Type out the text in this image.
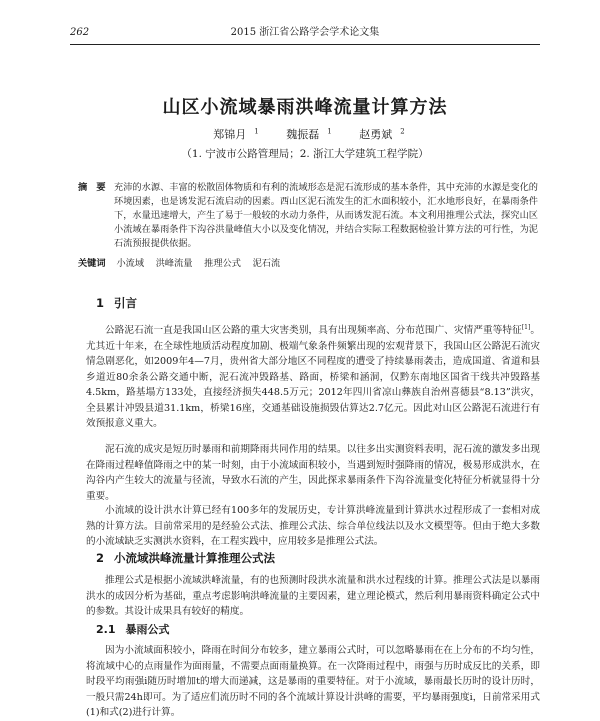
262	2015 浙江省公路学会学术论文集
山区小流域暴雨洪峰流量计算方法
郑锦月 $^1$	魏振磊 $^1$	赵勇斌 $^2$
（1. 宁波市公路管理局；2. 浙江大学建筑工程学院）
摘　要 充沛的水源、丰富的松散固体物质和有利的流域形态是泥石流形成的基本条件，其中充沛的水源是变化的环境因素，也是诱发泥石流启动的因素。西山区泥石流发生的汇水面积较小，汇水地形良好，在暴雨条件下，水量迅速增大，产生了易于一般较的水动力条件，从而诱发泥石流。本文利用推理公式法，探究山区小流域在暴雨条件下沟谷洪量峰值大小以及变化情况，并结合实际工程数据检验计算方法的可行性，为泥石流预报提供依据。
关键词 小流域 洪峰流量 推理公式 泥石流
1 引言
公路泥石流一直是我国山区公路的重大灾害类别，具有出现频率高、分布范围广、灾情严重等特征[1]。尤其近十年来，在全球性地质活动程度加剧、极端气象条件频繁出现的宏观背景下，我国山区公路泥石流灾情急剧恶化，如2009年4—7月，贵州省大部分地区不同程度的遭受了持续暴雨袭击，造成国道、省道和县乡道近80余条公路交通中断，泥石流冲毁路基、路面，桥梁和涵洞，仅黔东南地区国省干线共冲毁路基4.5km，路基塌方133处，直接经济损失448.5万元；2012年四川省凉山彝族自治州喜德县“8.13”洪灾，全县累计冲毁县道31.1km，桥梁16座，交通基础设施损毁估算达2.7亿元。因此对山区公路泥石流进行有效预报意义重大。
泥石流的成灾是短历时暴雨和前期降雨共同作用的结果。以往多出实测资料表明，泥石流的激发多出现在降雨过程峰值降雨之中的某一时刻，由于小流域面积较小，当遇到短时强降雨的情况，极易形成洪水，在沟谷内产生较大的流量与径流，导致水石流的产生，因此探求暴雨条件下沟谷流量变化特征分析就显得十分重要。
小流域的设计洪水计算已经有100多年的发展历史，专计算洪峰流量到计算洪水过程形成了一套相对成熟的计算方法。目前常采用的是经验公式法、推理公式法、综合单位线法以及水文模型等。但由于绝大多数的小流域缺乏实测洪水资料，在工程实践中，应用较多是推理公式法。
2 小流域洪峰流量计算推理公式法
推理公式是根据小流域洪峰流量，有的也预测时段洪水流量和洪水过程线的计算。推理公式法是以暴雨洪水的成因分析为基础，重点考虑影响洪峰流量的主要因素，建立理论模式，然后利用暴雨资料确定公式中的参数。其设计成果具有较好的精度。
2.1 暴雨公式
因为小流域面积较小，降雨在时间分布较多，建立暴雨公式时，可以忽略暴雨在在上分布的不均匀性，将流域中心的点雨量作为面雨量，不需要点面雨量换算。在一次降雨过程中，雨强与历时成反比的关系，即时段平均雨强i随历时增加t的增大而递减，这是暴雨的重要特征。对于小流域，暴雨最长历时的设计历时，一般只需24h即可。为了适应们流历时不同的各个流域计算设计洪峰的需要，平均暴雨强度i，日前常采用式(1)和式(2)进行计算。
